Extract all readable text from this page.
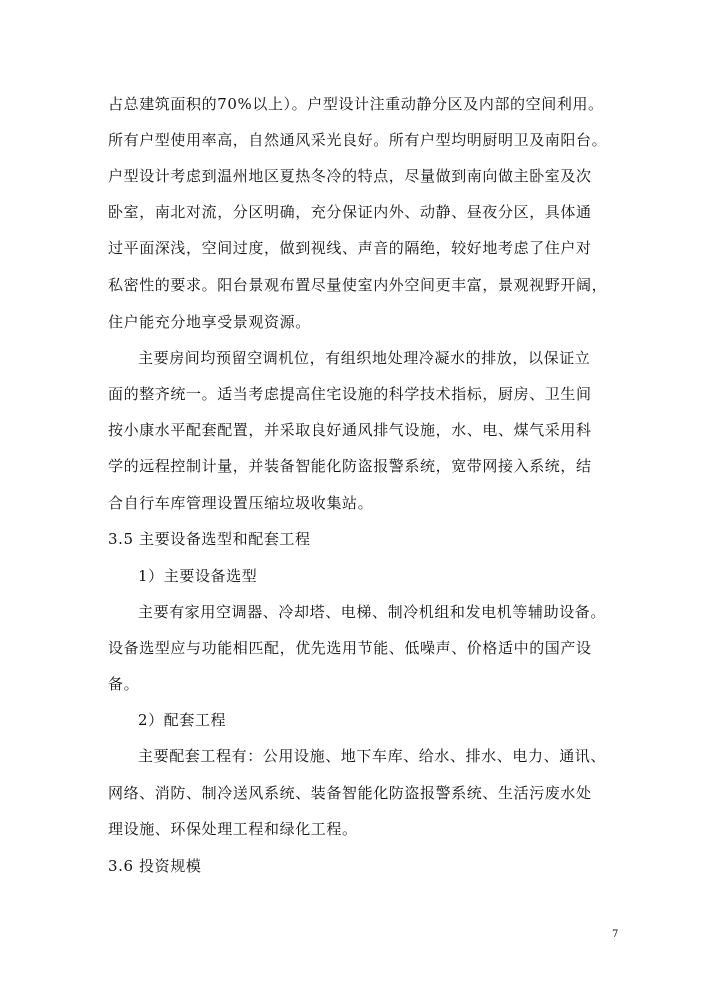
占总建筑面积的70%以上）。户型设计注重动静分区及内部的空间利用。
所有户型使用率高，自然通风采光良好。所有户型均明厨明卫及南阳台。
户型设计考虑到温州地区夏热冬冷的特点，尽量做到南向做主卧室及次
卧室，南北对流，分区明确，充分保证内外、动静、昼夜分区，具体通
过平面深浅，空间过度，做到视线、声音的隔绝，较好地考虑了住户对
私密性的要求。阳台景观布置尽量使室内外空间更丰富，景观视野开阔，
住户能充分地享受景观资源。
主要房间均预留空调机位，有组织地处理冷凝水的排放，以保证立
面的整齐统一。适当考虑提高住宅设施的科学技术指标，厨房、卫生间
按小康水平配套配置，并采取良好通风排气设施，水、电、煤气采用科
学的远程控制计量，并装备智能化防盗报警系统，宽带网接入系统，结
合自行车库管理设置压缩垃圾收集站。
3.5 主要设备选型和配套工程
1）主要设备选型
主要有家用空调器、冷却塔、电梯、制冷机组和发电机等辅助设备。
设备选型应与功能相匹配，优先选用节能、低噪声、价格适中的国产设
备。
2）配套工程
主要配套工程有：公用设施、地下车库、给水、排水、电力、通讯、
网络、消防、制冷送风系统、装备智能化防盗报警系统、生活污废水处
理设施、环保处理工程和绿化工程。
3.6 投资规模
7
